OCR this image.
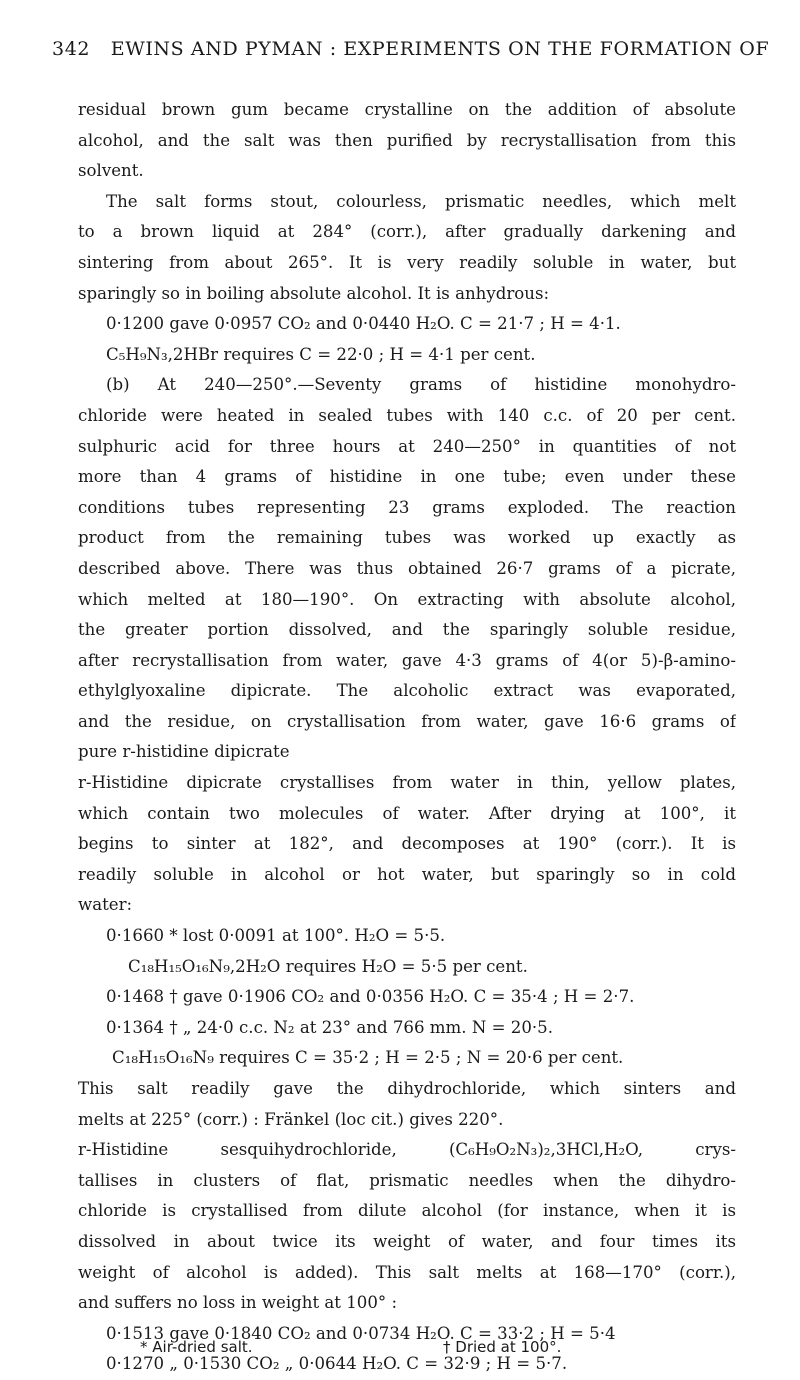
342 EWINS AND PYMAN : EXPERIMENTS ON THE FORMATION OF
residual brown gum became crystalline on the addition of absolute
alcohol, and the salt was then purified by recrystallisation from this
solvent.
The salt forms stout, colourless, prismatic needles, which melt
to a brown liquid at 284° (corr.), after gradually darkening and
sintering from about 265°. It is very readily soluble in water, but
sparingly so in boiling absolute alcohol. It is anhydrous:
0·1200 gave 0·0957 CO₂ and 0·0440 H₂O. C = 21·7 ; H = 4·1.
C₅H₉N₃,2HBr requires C = 22·0 ; H = 4·1 per cent.
(b) At 240—250°.—Seventy grams of histidine monohydro-
chloride were heated in sealed tubes with 140 c.c. of 20 per cent.
sulphuric acid for three hours at 240—250° in quantities of not
more than 4 grams of histidine in one tube; even under these
conditions tubes representing 23 grams exploded. The reaction
product from the remaining tubes was worked up exactly as
described above. There was thus obtained 26·7 grams of a picrate,
which melted at 180—190°. On extracting with absolute alcohol,
the greater portion dissolved, and the sparingly soluble residue,
after recrystallisation from water, gave 4·3 grams of 4(or 5)-β-amino-
ethylglyoxaline dipicrate. The alcoholic extract was evaporated,
and the residue, on crystallisation from water, gave 16·6 grams of
pure r-histidine dipicrate
r-Histidine dipicrate crystallises from water in thin, yellow plates,
which contain two molecules of water. After drying at 100°, it
begins to sinter at 182°, and decomposes at 190° (corr.). It is
readily soluble in alcohol or hot water, but sparingly so in cold
water:
0·1660 * lost 0·0091 at 100°. H₂O = 5·5.
C₁₈H₁₅O₁₆N₉,2H₂O requires H₂O = 5·5 per cent.
0·1468 † gave 0·1906 CO₂ and 0·0356 H₂O. C = 35·4 ; H = 2·7.
0·1364 † „ 24·0 c.c. N₂ at 23° and 766 mm. N = 20·5.
C₁₈H₁₅O₁₆N₉ requires C = 35·2 ; H = 2·5 ; N = 20·6 per cent.
This salt readily gave the dihydrochloride, which sinters and
melts at 225° (corr.) : Fränkel (loc cit.) gives 220°.
r-Histidine sesquihydrochloride, (C₆H₉O₂N₃)₂,3HCl,H₂O, crys-
tallises in clusters of flat, prismatic needles when the dihydro-
chloride is crystallised from dilute alcohol (for instance, when it is
dissolved in about twice its weight of water, and four times its
weight of alcohol is added). This salt melts at 168—170° (corr.),
and suffers no loss in weight at 100° :
0·1513 gave 0·1840 CO₂ and 0·0734 H₂O. C = 33·2 ; H = 5·4
0·1270 „ 0·1530 CO₂ „ 0·0644 H₂O. C = 32·9 ; H = 5·7.
* Air-dried salt.	† Dried at 100°.
